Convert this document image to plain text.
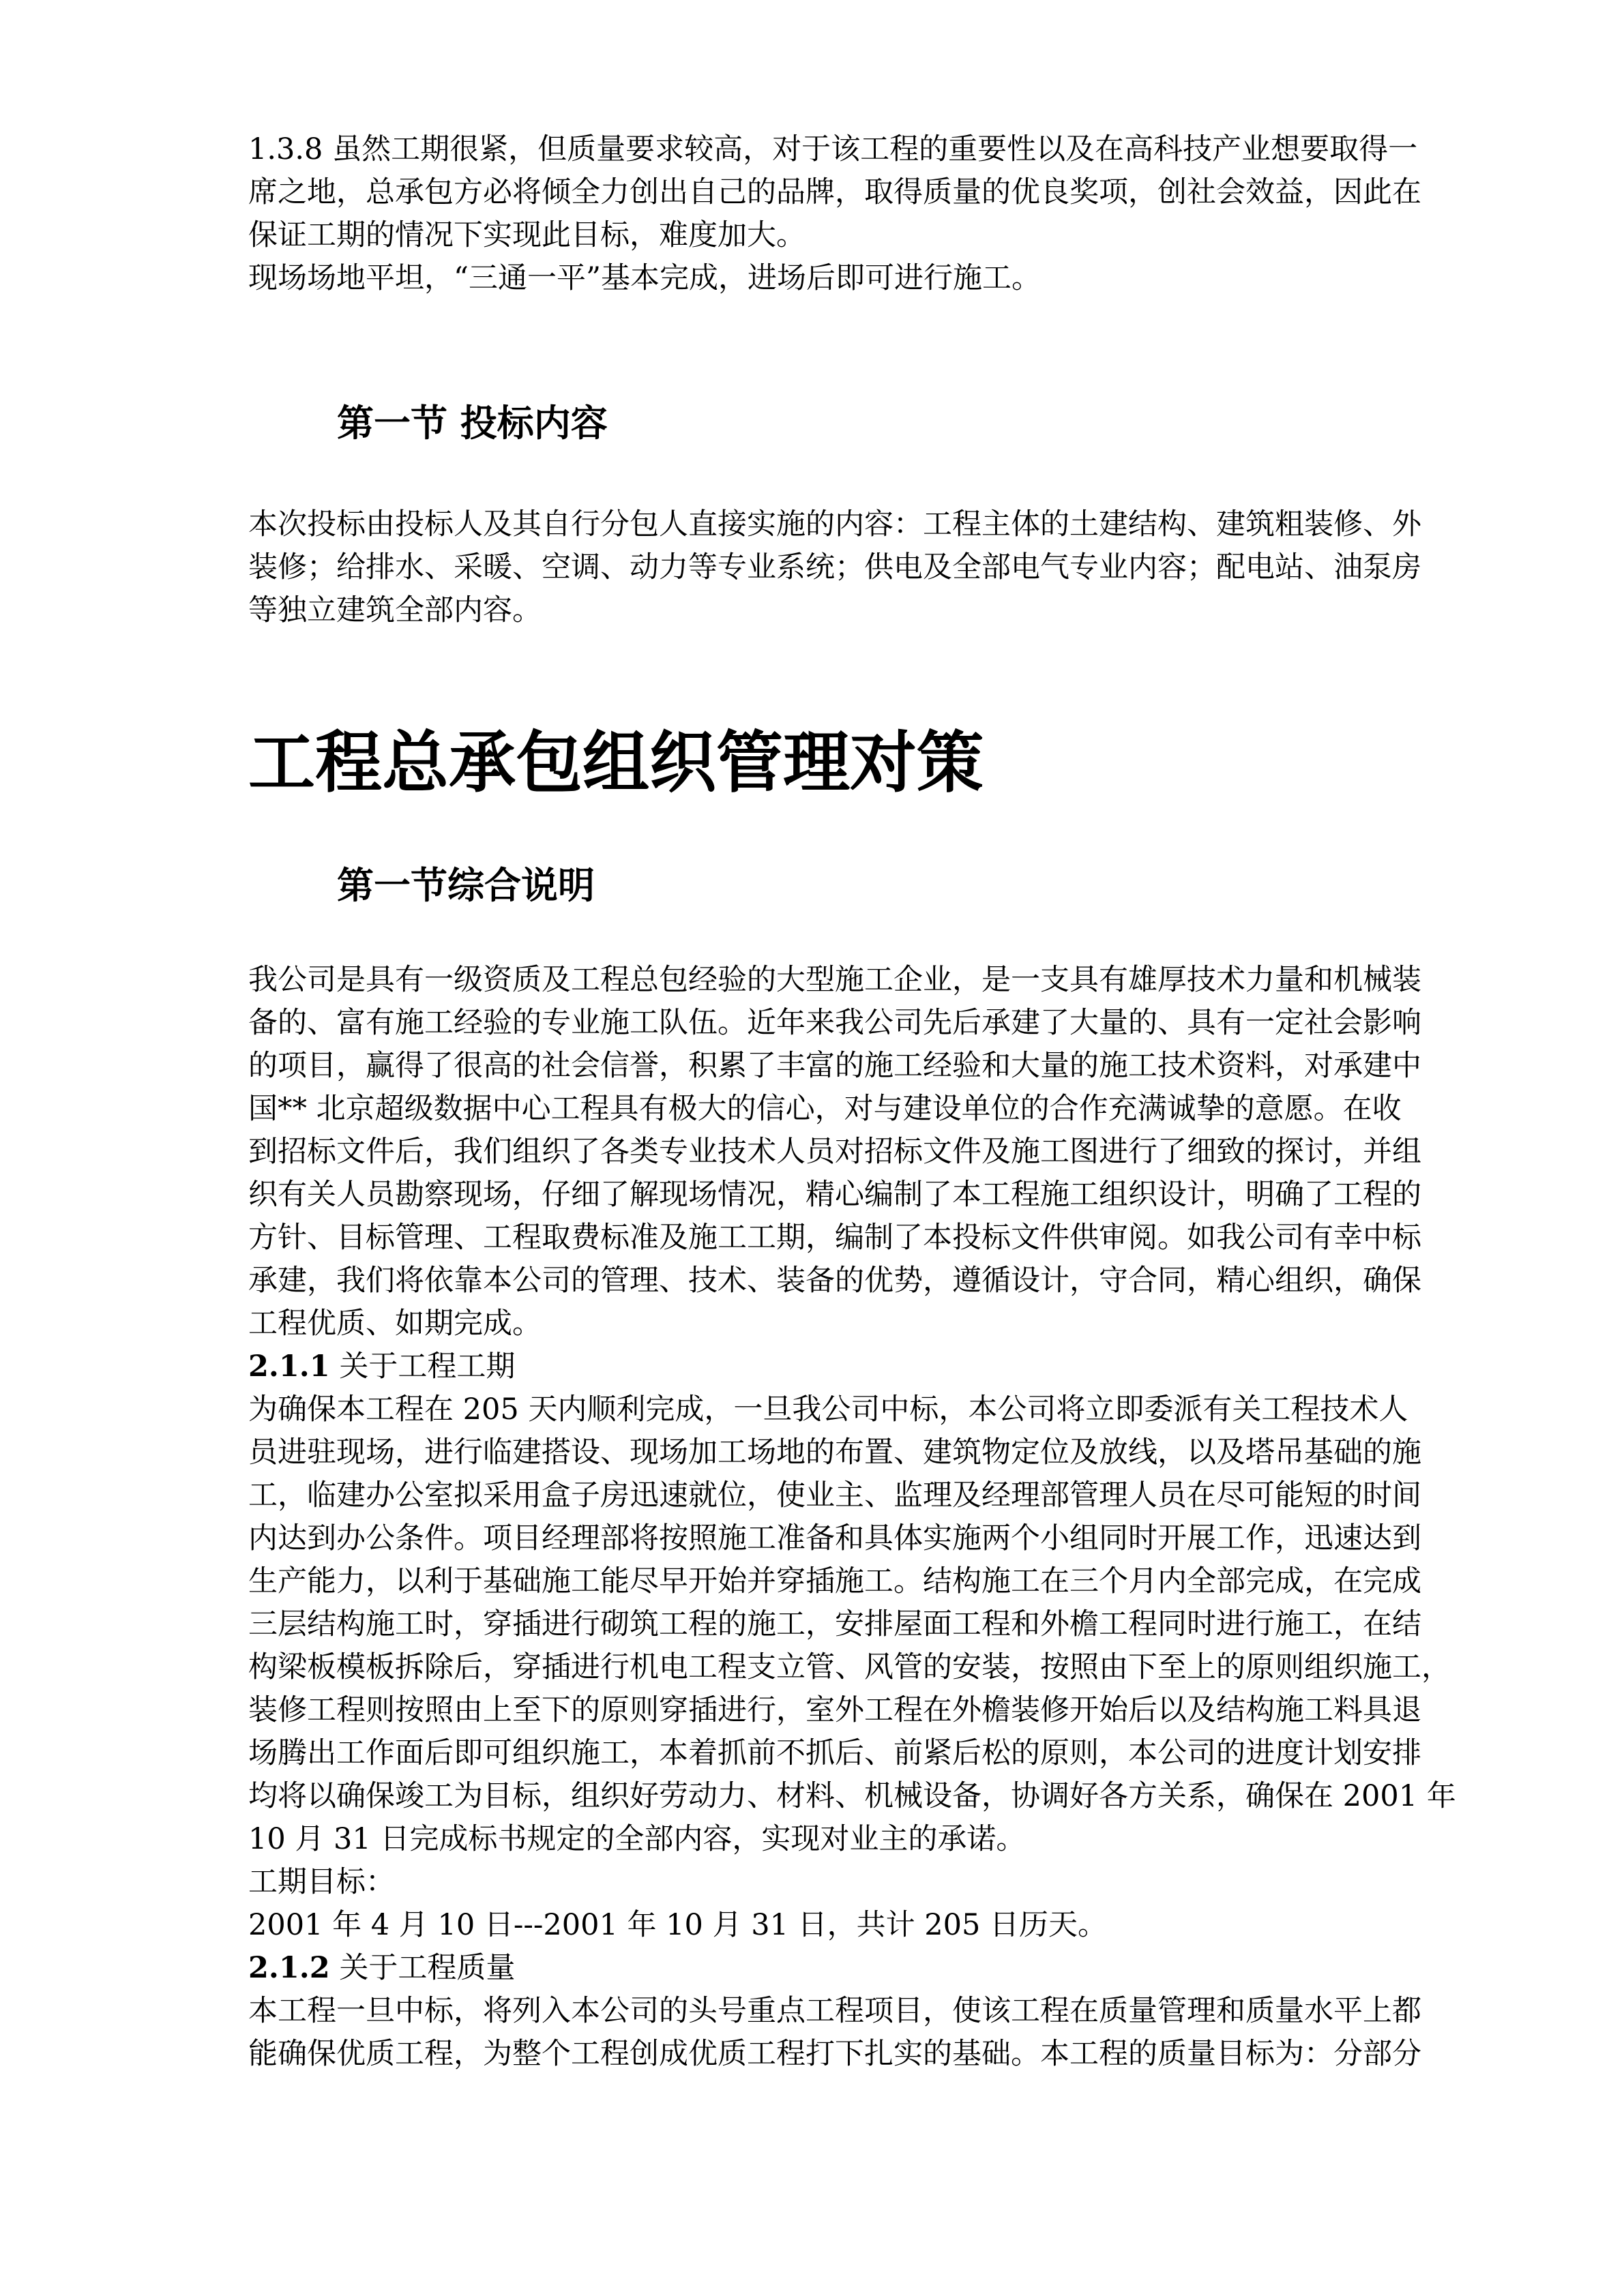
1.3.8 虽然工期很紧，但质量要求较高，对于该工程的重要性以及在高科技产业想要取得一
席之地，总承包方必将倾全力创出自己的品牌，取得质量的优良奖项，创社会效益，因此在
保证工期的情况下实现此目标，难度加大。
现场场地平坦，“三通一平”基本完成，进场后即可进行施工。
第一节 投标内容
本次投标由投标人及其自行分包人直接实施的内容：工程主体的土建结构、建筑粗装修、外
装修；给排水、采暖、空调、动力等专业系统；供电及全部电气专业内容；配电站、油泵房
等独立建筑全部内容。
工程总承包组织管理对策
第一节综合说明
我公司是具有一级资质及工程总包经验的大型施工企业，是一支具有雄厚技术力量和机械装
备的、富有施工经验的专业施工队伍。近年来我公司先后承建了大量的、具有一定社会影响
的项目，赢得了很高的社会信誉，积累了丰富的施工经验和大量的施工技术资料，对承建中
国** 北京超级数据中心工程具有极大的信心，对与建设单位的合作充满诚挚的意愿。在收
到招标文件后，我们组织了各类专业技术人员对招标文件及施工图进行了细致的探讨，并组
织有关人员勘察现场，仔细了解现场情况，精心编制了本工程施工组织设计，明确了工程的
方针、目标管理、工程取费标准及施工工期，编制了本投标文件供审阅。如我公司有幸中标
承建，我们将依靠本公司的管理、技术、装备的优势，遵循设计，守合同，精心组织，确保
工程优质、如期完成。
2.1.1 关于工程工期
为确保本工程在 205 天内顺利完成，一旦我公司中标，本公司将立即委派有关工程技术人
员进驻现场，进行临建搭设、现场加工场地的布置、建筑物定位及放线，以及塔吊基础的施
工，临建办公室拟采用盒子房迅速就位，使业主、监理及经理部管理人员在尽可能短的时间
内达到办公条件。项目经理部将按照施工准备和具体实施两个小组同时开展工作，迅速达到
生产能力，以利于基础施工能尽早开始并穿插施工。结构施工在三个月内全部完成，在完成
三层结构施工时，穿插进行砌筑工程的施工，安排屋面工程和外檐工程同时进行施工，在结
构梁板模板拆除后，穿插进行机电工程支立管、风管的安装，按照由下至上的原则组织施工，
装修工程则按照由上至下的原则穿插进行，室外工程在外檐装修开始后以及结构施工料具退
场腾出工作面后即可组织施工，本着抓前不抓后、前紧后松的原则，本公司的进度计划安排
均将以确保竣工为目标，组织好劳动力、材料、机械设备，协调好各方关系，确保在 2001 年
10 月 31 日完成标书规定的全部内容，实现对业主的承诺。
工期目标：
2001 年 4 月 10 日---2001 年 10 月 31 日，共计 205 日历天。
2.1.2 关于工程质量
本工程一旦中标，将列入本公司的头号重点工程项目，使该工程在质量管理和质量水平上都
能确保优质工程，为整个工程创成优质工程打下扎实的基础。本工程的质量目标为：分部分
